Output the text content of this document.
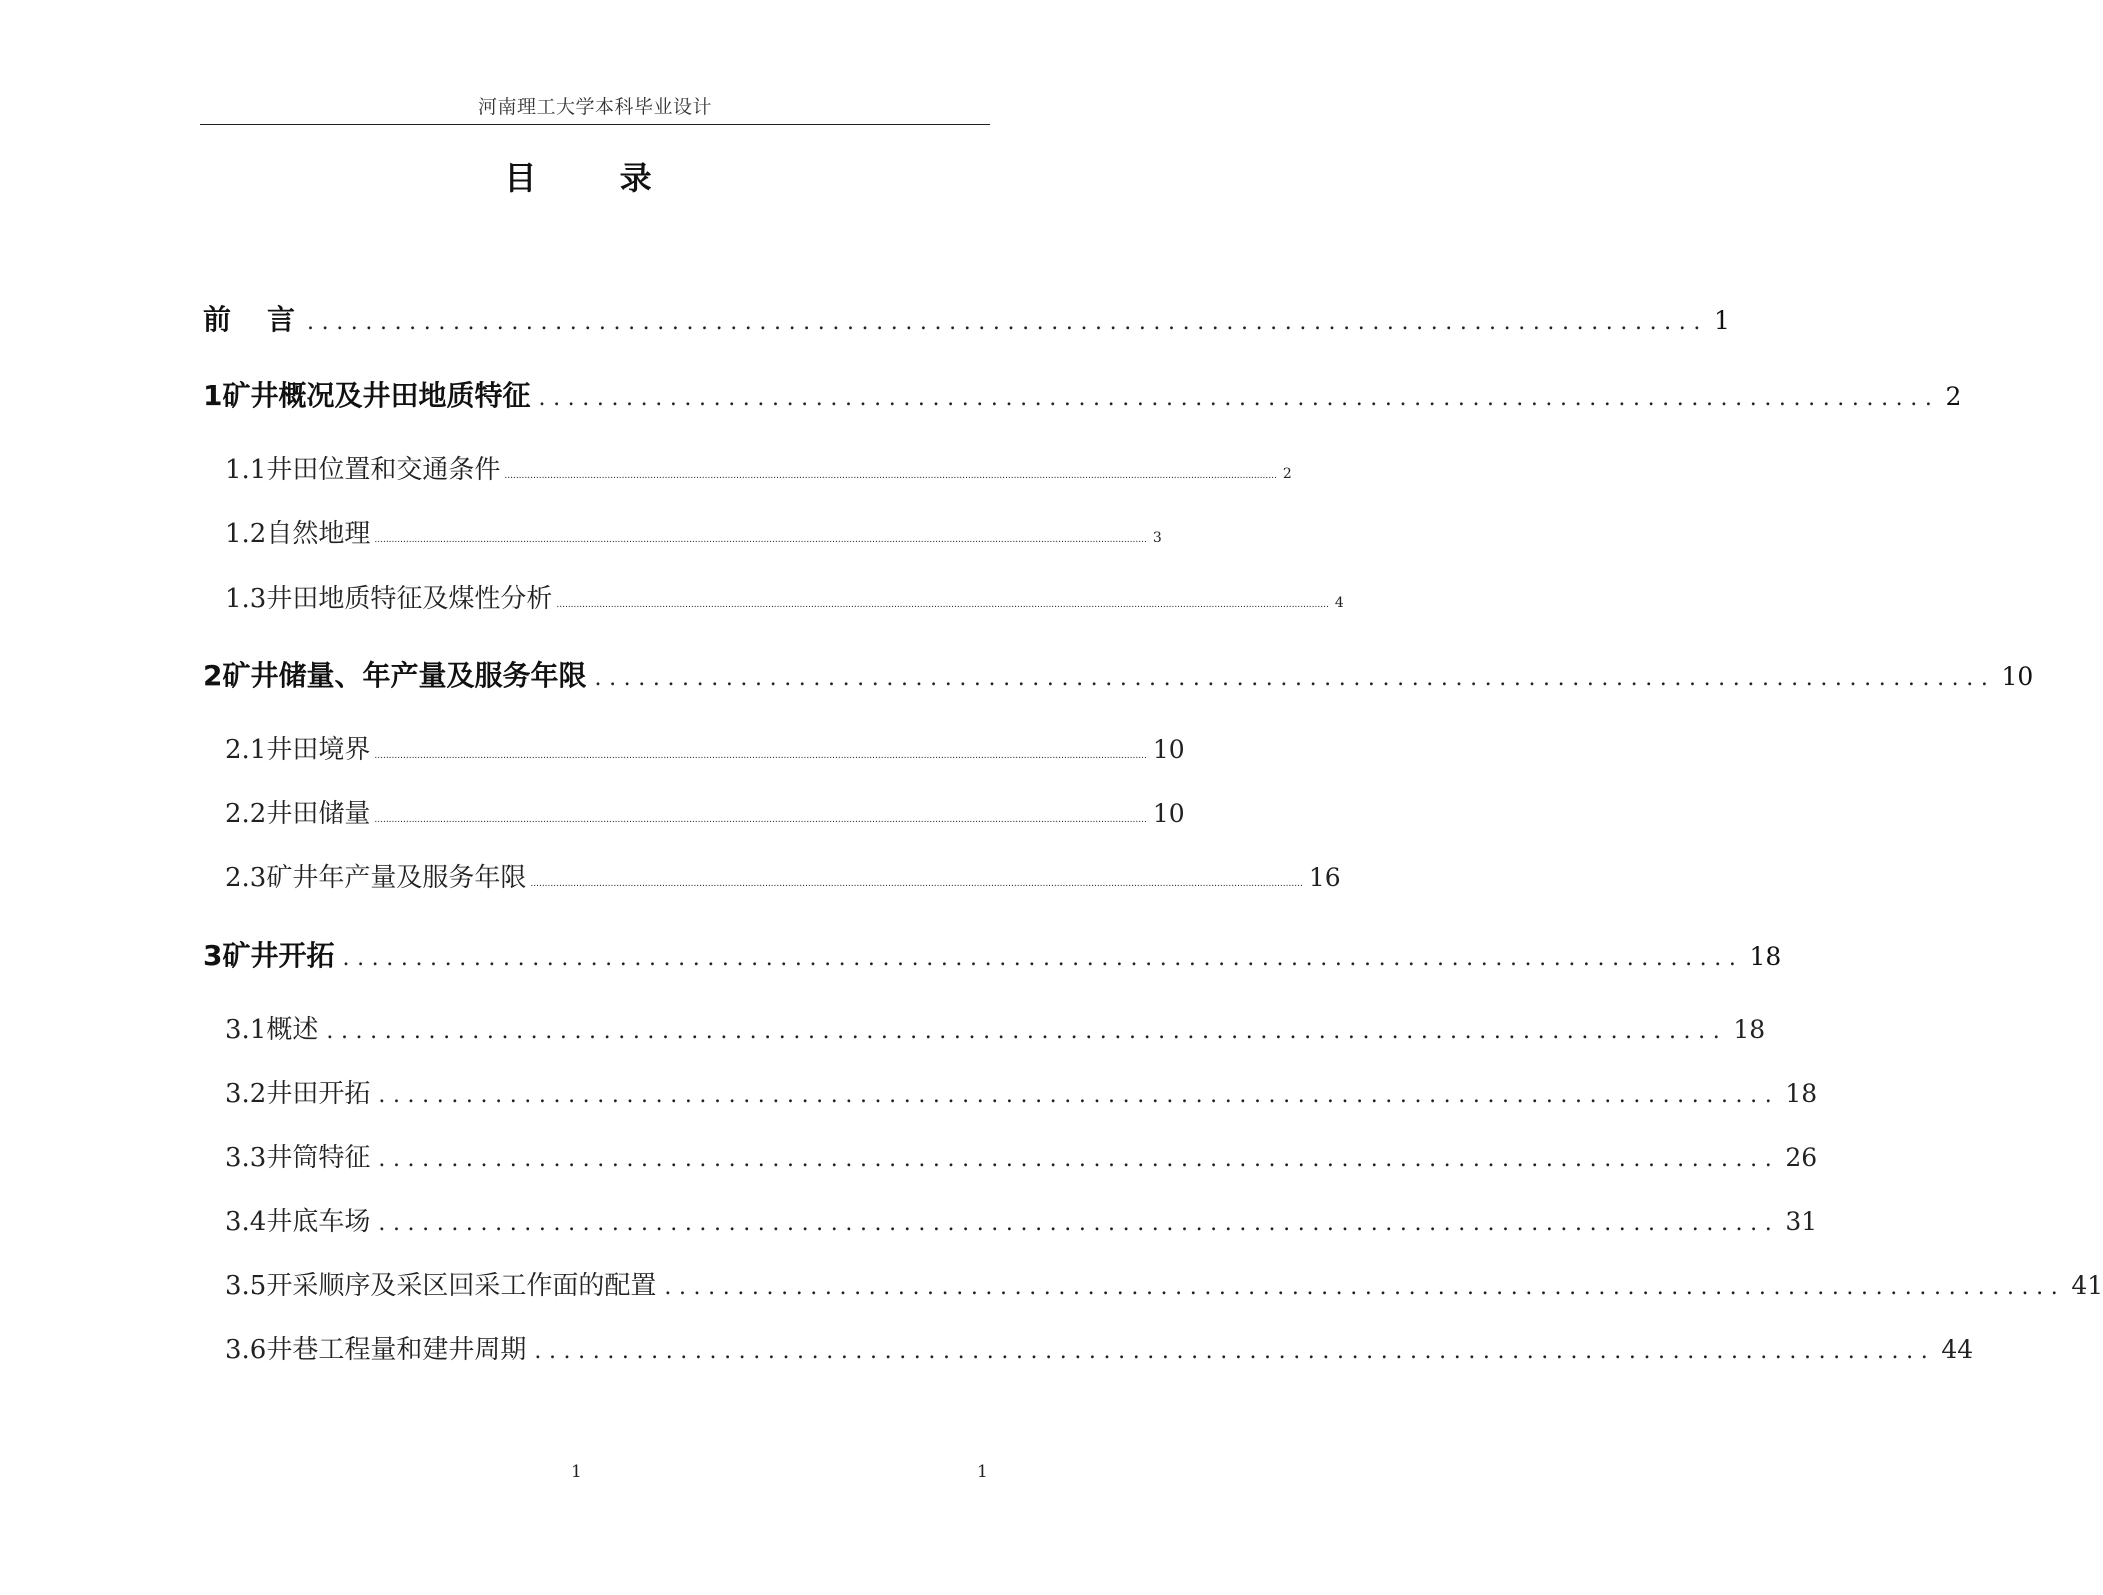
河南理工大学本科毕业设计
目 录
前　言 ................................................................................................ 1
1 矿井概况及井田地质特征 ................................................................................................ 2
1.1 井田位置和交通条件 .............................................................................................................................................................................................................................................................................. 2
1.2 自然地理 .............................................................................................................................................................................................................................................................................. 3
1.3 井田地质特征及煤性分析 .............................................................................................................................................................................................................................................................................. 4
2 矿井储量、年产量及服务年限 ................................................................................................ 10
2.1 井田境界 .............................................................................................................................................................................................................................................................................. 10
2.2 井田储量 .............................................................................................................................................................................................................................................................................. 10
2.3 矿井年产量及服务年限 .............................................................................................................................................................................................................................................................................. 16
3 矿井开拓 ................................................................................................ 18
3.1 概述 ................................................................................................ 18
3.2 井田开拓 ................................................................................................ 18
3.3 井筒特征 ................................................................................................ 26
3.4 井底车场 ................................................................................................ 31
3.5 开采顺序及采区回采工作面的配置 ................................................................................................ 41
3.6 井巷工程量和建井周期 ................................................................................................ 44
1	1
